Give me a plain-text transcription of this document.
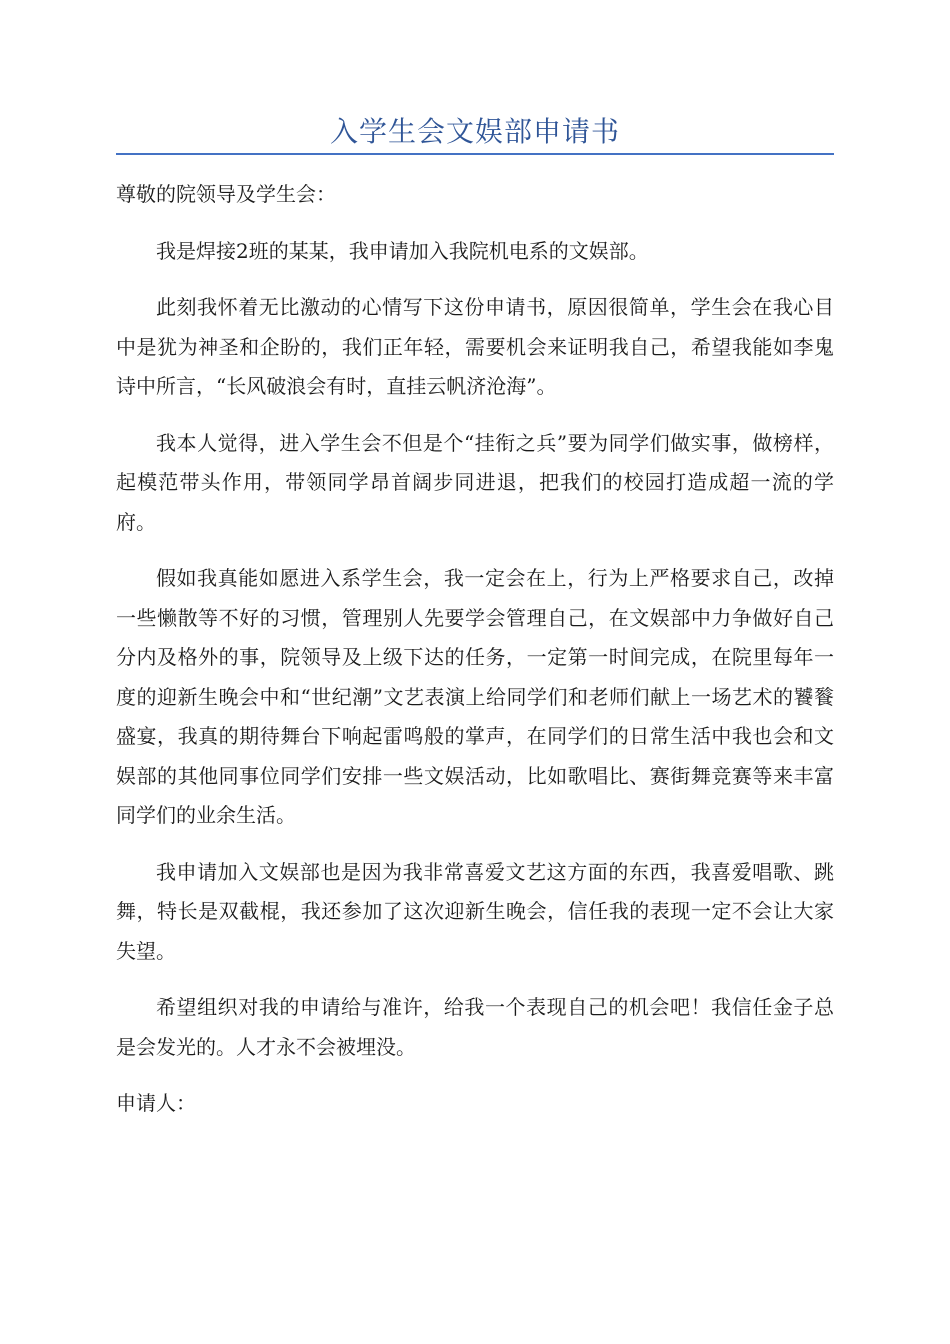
入学生会文娱部申请书

尊敬的院领导及学生会：

我是焊接2班的某某，我申请加入我院机电系的文娱部。

此刻我怀着无比激动的心情写下这份申请书，原因很简单，学生会在我心目中是犹为神圣和企盼的，我们正年轻，需要机会来证明我自己，希望我能如李鬼诗中所言，“长风破浪会有时，直挂云帆济沧海”。

我本人觉得，进入学生会不但是个“挂衔之兵”要为同学们做实事，做榜样，起模范带头作用，带领同学昂首阔步同进退，把我们的校园打造成超一流的学府。

假如我真能如愿进入系学生会，我一定会在上，行为上严格要求自己，改掉一些懒散等不好的习惯，管理别人先要学会管理自己，在文娱部中力争做好自己分内及格外的事，院领导及上级下达的任务，一定第一时间完成，在院里每年一度的迎新生晚会中和“世纪潮”文艺表演上给同学们和老师们献上一场艺术的饕餮盛宴，我真的期待舞台下响起雷鸣般的掌声，在同学们的日常生活中我也会和文娱部的其他同事位同学们安排一些文娱活动，比如歌唱比、赛街舞竞赛等来丰富同学们的业余生活。

我申请加入文娱部也是因为我非常喜爱文艺这方面的东西，我喜爱唱歌、跳舞，特长是双截棍，我还参加了这次迎新生晚会，信任我的表现一定不会让大家失望。

希望组织对我的申请给与准许，给我一个表现自己的机会吧！我信任金子总是会发光的。人才永不会被埋没。

申请人：
